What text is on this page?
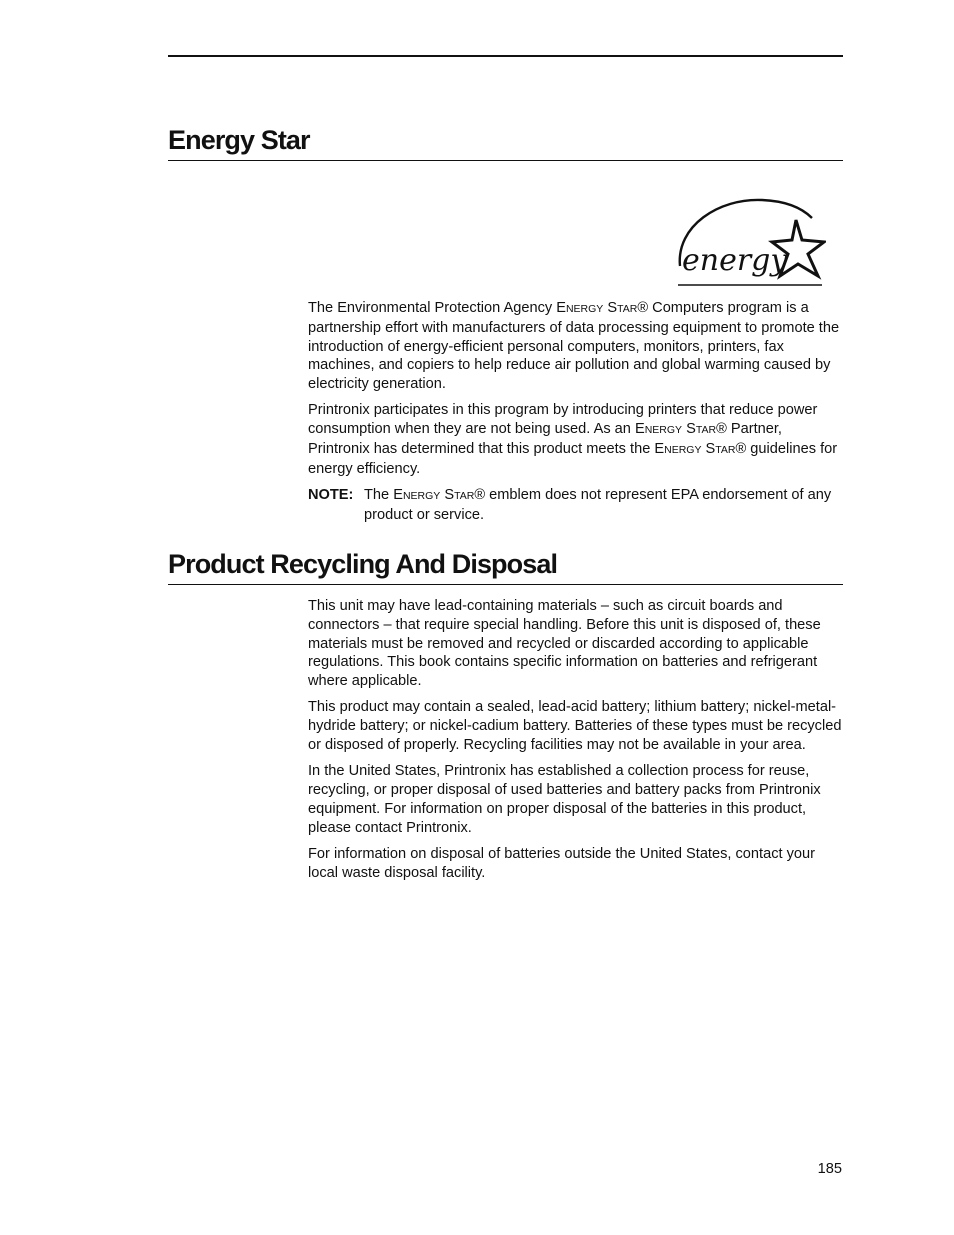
Energy Star
energy

The Environmental Protection Agency ENERGY STAR® Computers program is a partnership effort with manufacturers of data processing equipment to promote the introduction of energy-efficient personal computers, monitors, printers, fax machines, and copiers to help reduce air pollution and global warming caused by electricity generation.

Printronix participates in this program by introducing printers that reduce power consumption when they are not being used. As an ENERGY STAR® Partner, Printronix has determined that this product meets the ENERGY STAR® guidelines for energy efficiency.

NOTE: The ENERGY STAR® emblem does not represent EPA endorsement of any product or service.
Product Recycling And Disposal

This unit may have lead-containing materials – such as circuit boards and connectors – that require special handling. Before this unit is disposed of, these materials must be removed and recycled or discarded according to applicable regulations. This book contains specific information on batteries and refrigerant where applicable.

This product may contain a sealed, lead-acid battery; lithium battery; nickel-metal-hydride battery; or nickel-cadium battery. Batteries of these types must be recycled or disposed of properly. Recycling facilities may not be available in your area.

In the United States, Printronix has established a collection process for reuse, recycling, or proper disposal of used batteries and battery packs from Printronix equipment. For information on proper disposal of the batteries in this product, please contact Printronix.

For information on disposal of batteries outside the United States, contact your local waste disposal facility.

185
